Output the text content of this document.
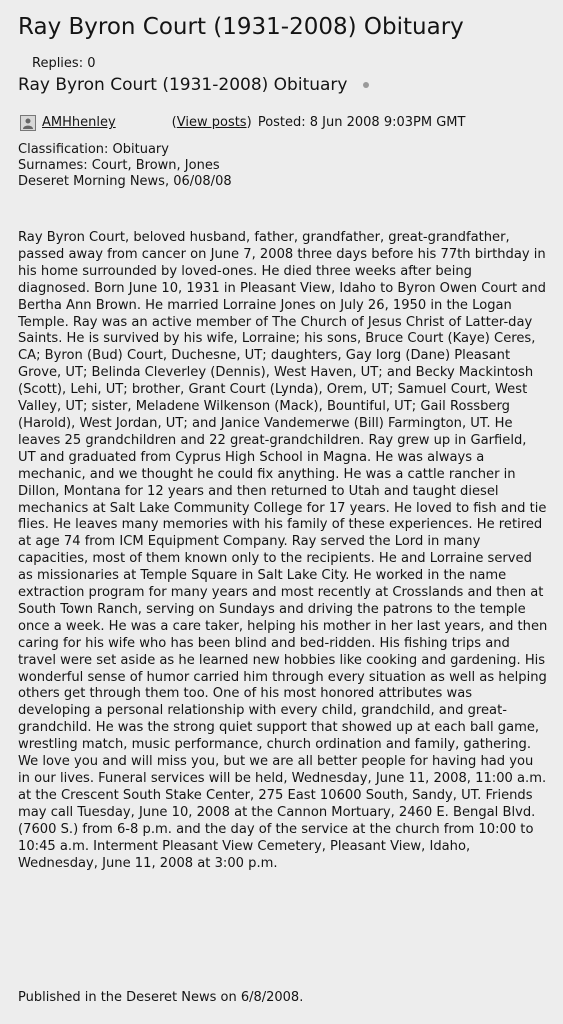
Ray Byron Court (1931-2008) Obituary
Replies: 0
Ray Byron Court (1931-2008) Obituary
AMHhenley	(View posts) Posted: 8 Jun 2008 9:03PM GMT
Classification: Obituary
Surnames: Court, Brown, Jones
Deseret Morning News, 06/08/08

Ray Byron Court, beloved husband, father, grandfather, great-grandfather, passed away from cancer on June 7, 2008 three days before his 77th birthday in his home surrounded by loved-ones. He died three weeks after being diagnosed. Born June 10, 1931 in Pleasant View, Idaho to Byron Owen Court and Bertha Ann Brown. He married Lorraine Jones on July 26, 1950 in the Logan Temple. Ray was an active member of The Church of Jesus Christ of Latter-day Saints. He is survived by his wife, Lorraine; his sons, Bruce Court (Kaye) Ceres, CA; Byron (Bud) Court, Duchesne, UT; daughters, Gay Iorg (Dane) Pleasant Grove, UT; Belinda Cleverley (Dennis), West Haven, UT; and Becky Mackintosh (Scott), Lehi, UT; brother, Grant Court (Lynda), Orem, UT; Samuel Court, West Valley, UT; sister, Meladene Wilkenson (Mack), Bountiful, UT; Gail Rossberg (Harold), West Jordan, UT; and Janice Vandemerwe (Bill) Farmington, UT. He leaves 25 grandchildren and 22 great-grandchildren. Ray grew up in Garfield, UT and graduated from Cyprus High School in Magna. He was always a mechanic, and we thought he could fix anything. He was a cattle rancher in Dillon, Montana for 12 years and then returned to Utah and taught diesel mechanics at Salt Lake Community College for 17 years. He loved to fish and tie flies. He leaves many memories with his family of these experiences. He retired at age 74 from ICM Equipment Company. Ray served the Lord in many capacities, most of them known only to the recipients. He and Lorraine served as missionaries at Temple Square in Salt Lake City. He worked in the name extraction program for many years and most recently at Crosslands and then at South Town Ranch, serving on Sundays and driving the patrons to the temple once a week. He was a care taker, helping his mother in her last years, and then caring for his wife who has been blind and bed-ridden. His fishing trips and travel were set aside as he learned new hobbies like cooking and gardening. His wonderful sense of humor carried him through every situation as well as helping others get through them too. One of his most honored attributes was developing a personal relationship with every child, grandchild, and great-grandchild. He was the strong quiet support that showed up at each ball game, wrestling match, music performance, church ordination and family, gathering. We love you and will miss you, but we are all better people for having had you in our lives. Funeral services will be held, Wednesday, June 11, 2008, 11:00 a.m. at the Crescent South Stake Center, 275 East 10600 South, Sandy, UT. Friends may call Tuesday, June 10, 2008 at the Cannon Mortuary, 2460 E. Bengal Blvd. (7600 S.) from 6-8 p.m. and the day of the service at the church from 10:00 to 10:45 a.m. Interment Pleasant View Cemetery, Pleasant View, Idaho, Wednesday, June 11, 2008 at 3:00 p.m.

Published in the Deseret News on 6/8/2008.
